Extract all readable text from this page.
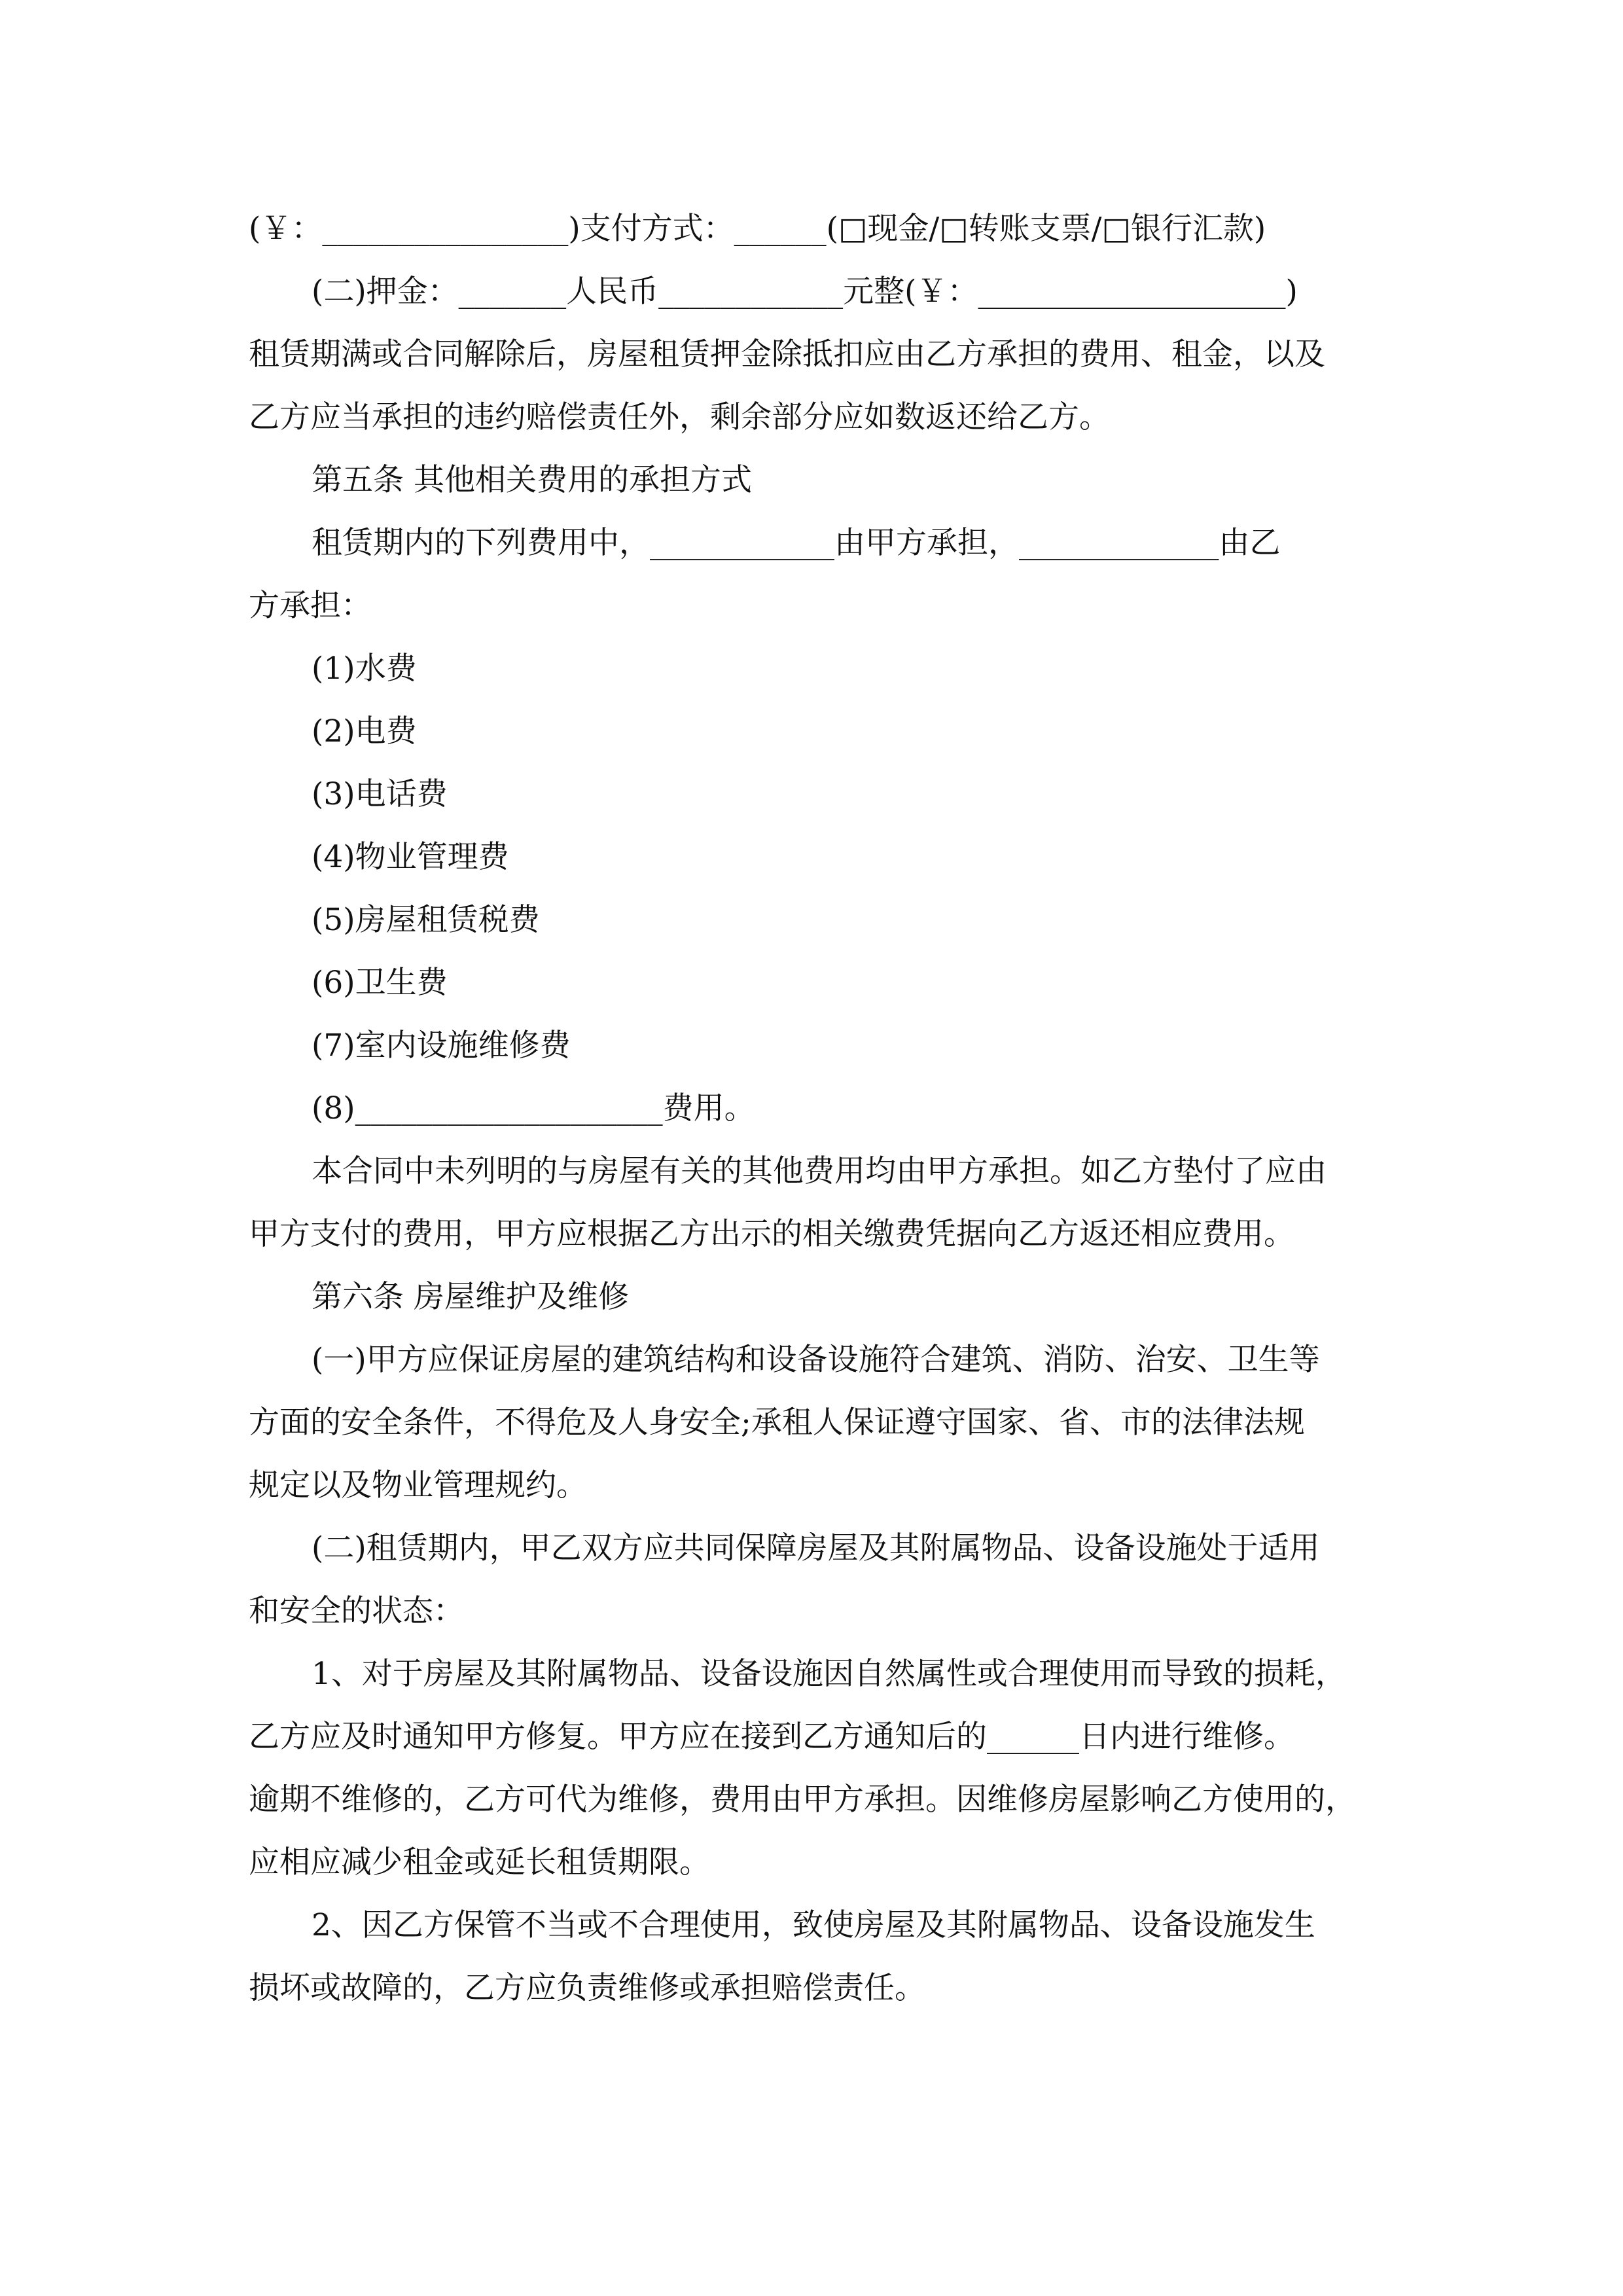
(￥：________________)支付方式：______(□现金/□转账支票/□银行汇款)
(二)押金：_______人民币____________元整(￥：____________________)
租赁期满或合同解除后，房屋租赁押金除抵扣应由乙方承担的费用、租金，以及
乙方应当承担的违约赔偿责任外，剩余部分应如数返还给乙方。
第五条 其他相关费用的承担方式
租赁期内的下列费用中，____________由甲方承担，_____________由乙
方承担：
(1)水费
(2)电费
(3)电话费
(4)物业管理费
(5)房屋租赁税费
(6)卫生费
(7)室内设施维修费
(8)____________________费用。
本合同中未列明的与房屋有关的其他费用均由甲方承担。如乙方垫付了应由
甲方支付的费用，甲方应根据乙方出示的相关缴费凭据向乙方返还相应费用。
第六条 房屋维护及维修
(一)甲方应保证房屋的建筑结构和设备设施符合建筑、消防、治安、卫生等
方面的安全条件，不得危及人身安全;承租人保证遵守国家、省、市的法律法规
规定以及物业管理规约。
(二)租赁期内，甲乙双方应共同保障房屋及其附属物品、设备设施处于适用
和安全的状态：
1、对于房屋及其附属物品、设备设施因自然属性或合理使用而导致的损耗，
乙方应及时通知甲方修复。甲方应在接到乙方通知后的______日内进行维修。
逾期不维修的，乙方可代为维修，费用由甲方承担。因维修房屋影响乙方使用的，
应相应减少租金或延长租赁期限。
2、因乙方保管不当或不合理使用，致使房屋及其附属物品、设备设施发生
损坏或故障的，乙方应负责维修或承担赔偿责任。
